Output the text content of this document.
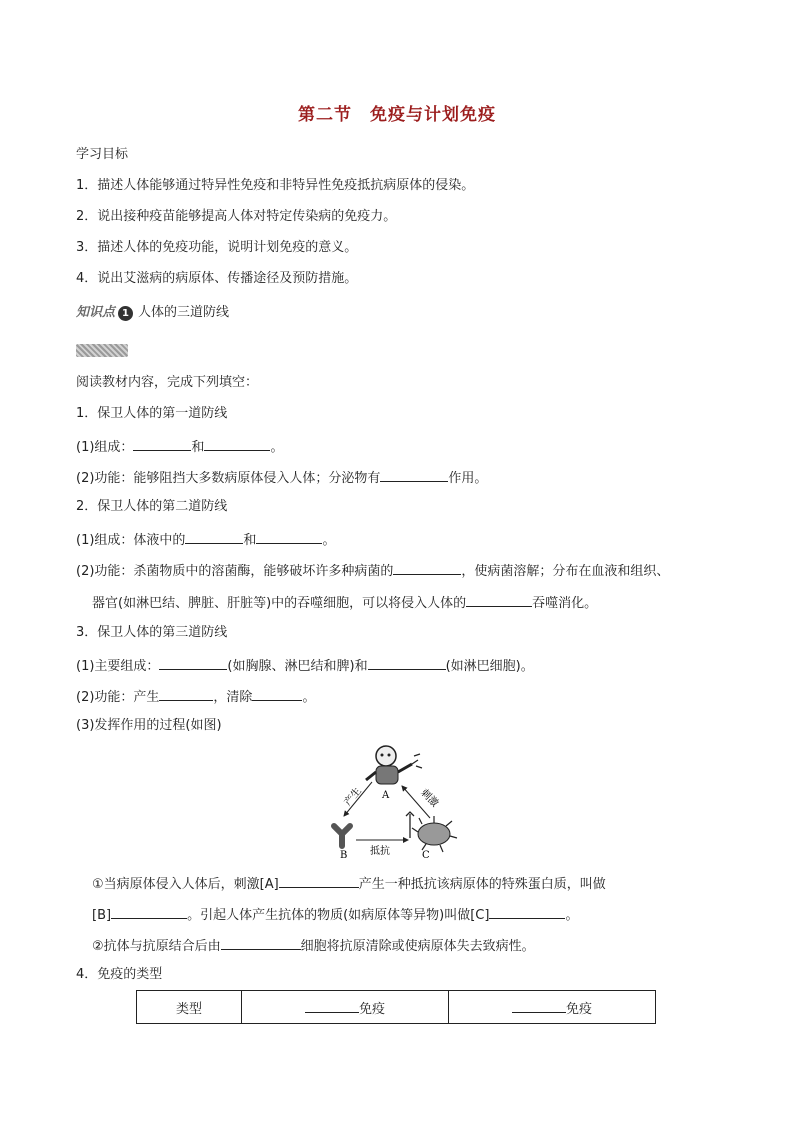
第二节　免疫与计划免疫
学习目标
1．描述人体能够通过特异性免疫和非特异性免疫抵抗病原体的侵染。
2．说出接种疫苗能够提高人体对特定传染病的免疫力。
3．描述人体的免疫功能，说明计划免疫的意义。
4．说出艾滋病的病原体、传播途径及预防措施。
知识点 1 人体的三道防线
阅读教材内容，完成下列填空：
1．保卫人体的第一道防线
(1)组成：	和	。
(2)功能：能够阻挡大多数病原体侵入人体；分泌物有	作用。
2．保卫人体的第二道防线
(1)组成：体液中的	和	。
(2)功能：杀菌物质中的溶菌酶，能够破坏许多种病菌的	，使病菌溶解；分布在血液和组织、
器官(如淋巴结、脾脏、肝脏等)中的吞噬细胞，可以将侵入人体的	吞噬消化。
3．保卫人体的第三道防线
(1)主要组成：	(如胸腺、淋巴结和脾)和	(如淋巴细胞)。
(2)功能：产生	，清除	。
(3)发挥作用的过程(如图)
A
B	C
产生	刺激
抵抗
①当病原体侵入人体后，刺激[A]	产生一种抵抗该病原体的特殊蛋白质，叫做
[B]	。引起人体产生抗体的物质(如病原体等异物)叫做[C]	。
②抗体与抗原结合后由	细胞将抗原清除或使病原体失去致病性。
4．免疫的类型
类型	免疫	免疫
